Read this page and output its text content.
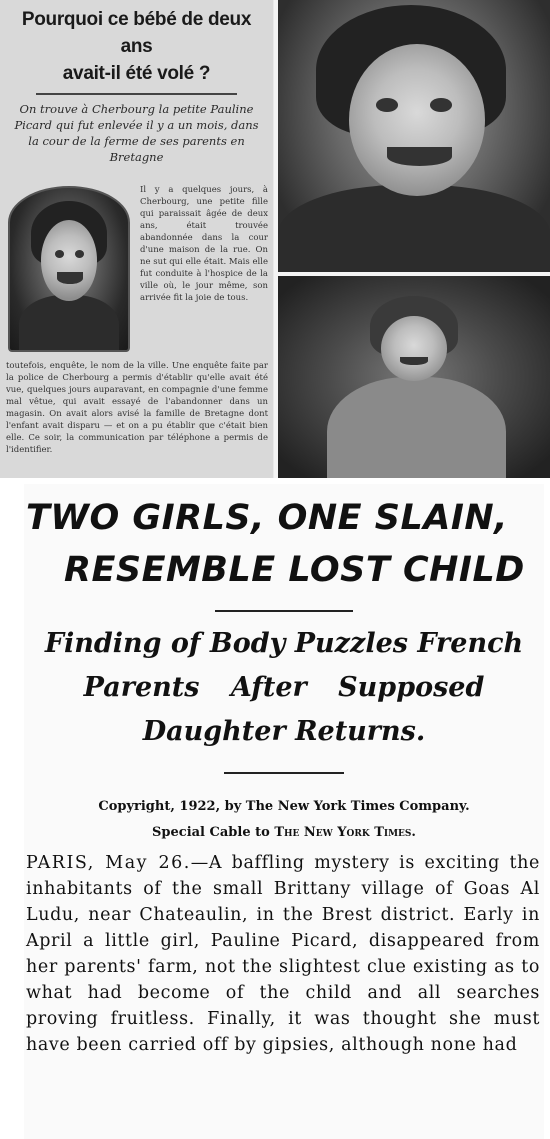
Pourquoi ce bébé de deux ans
avait-il été volé ?
On trouve à Cherbourg la petite Pauline Picard qui fut enlevée il y a un mois, dans la cour de la ferme de ses parents en Bretagne
Il y a quelques jours, à Cherbourg, une petite fille qui paraissait âgée de deux ans, était trouvée abandonnée dans la cour d'une maison de la rue. On ne sut qui elle était. Mais elle fut conduite à l'hospice de la ville où, le jour même, son arrivée fit la joie de tous.
toutefois, enquête, le nom de la ville. Une enquête faite par la police de Cherbourg a permis d'établir qu'elle avait été vue, quelques jours auparavant, en compagnie d'une femme mal vêtue, qui avait essayé de l'abandonner dans un magasin. On avait alors avisé la famille de Bretagne dont l'enfant avait disparu — et on a pu établir que c'était bien elle. Ce soir, la communication par téléphone a permis de l'identifier.
TWO GIRLS, ONE SLAIN,
RESEMBLE LOST CHILD
Finding of Body Puzzles French
Parents After Supposed
Daughter Returns.

Copyright, 1922, by The New York Times Company.

Special Cable to The New York Times.

PARIS, May 26.—A baffling mystery is exciting the inhabitants of the small Brittany village of Goas Al Ludu, near Chateaulin, in the Brest district. Early in April a little girl, Pauline Picard, disappeared from her parents' farm, not the slightest clue existing as to what had become of the child and all searches proving fruitless. Finally, it was thought she must have been carried off by gipsies, although none had
